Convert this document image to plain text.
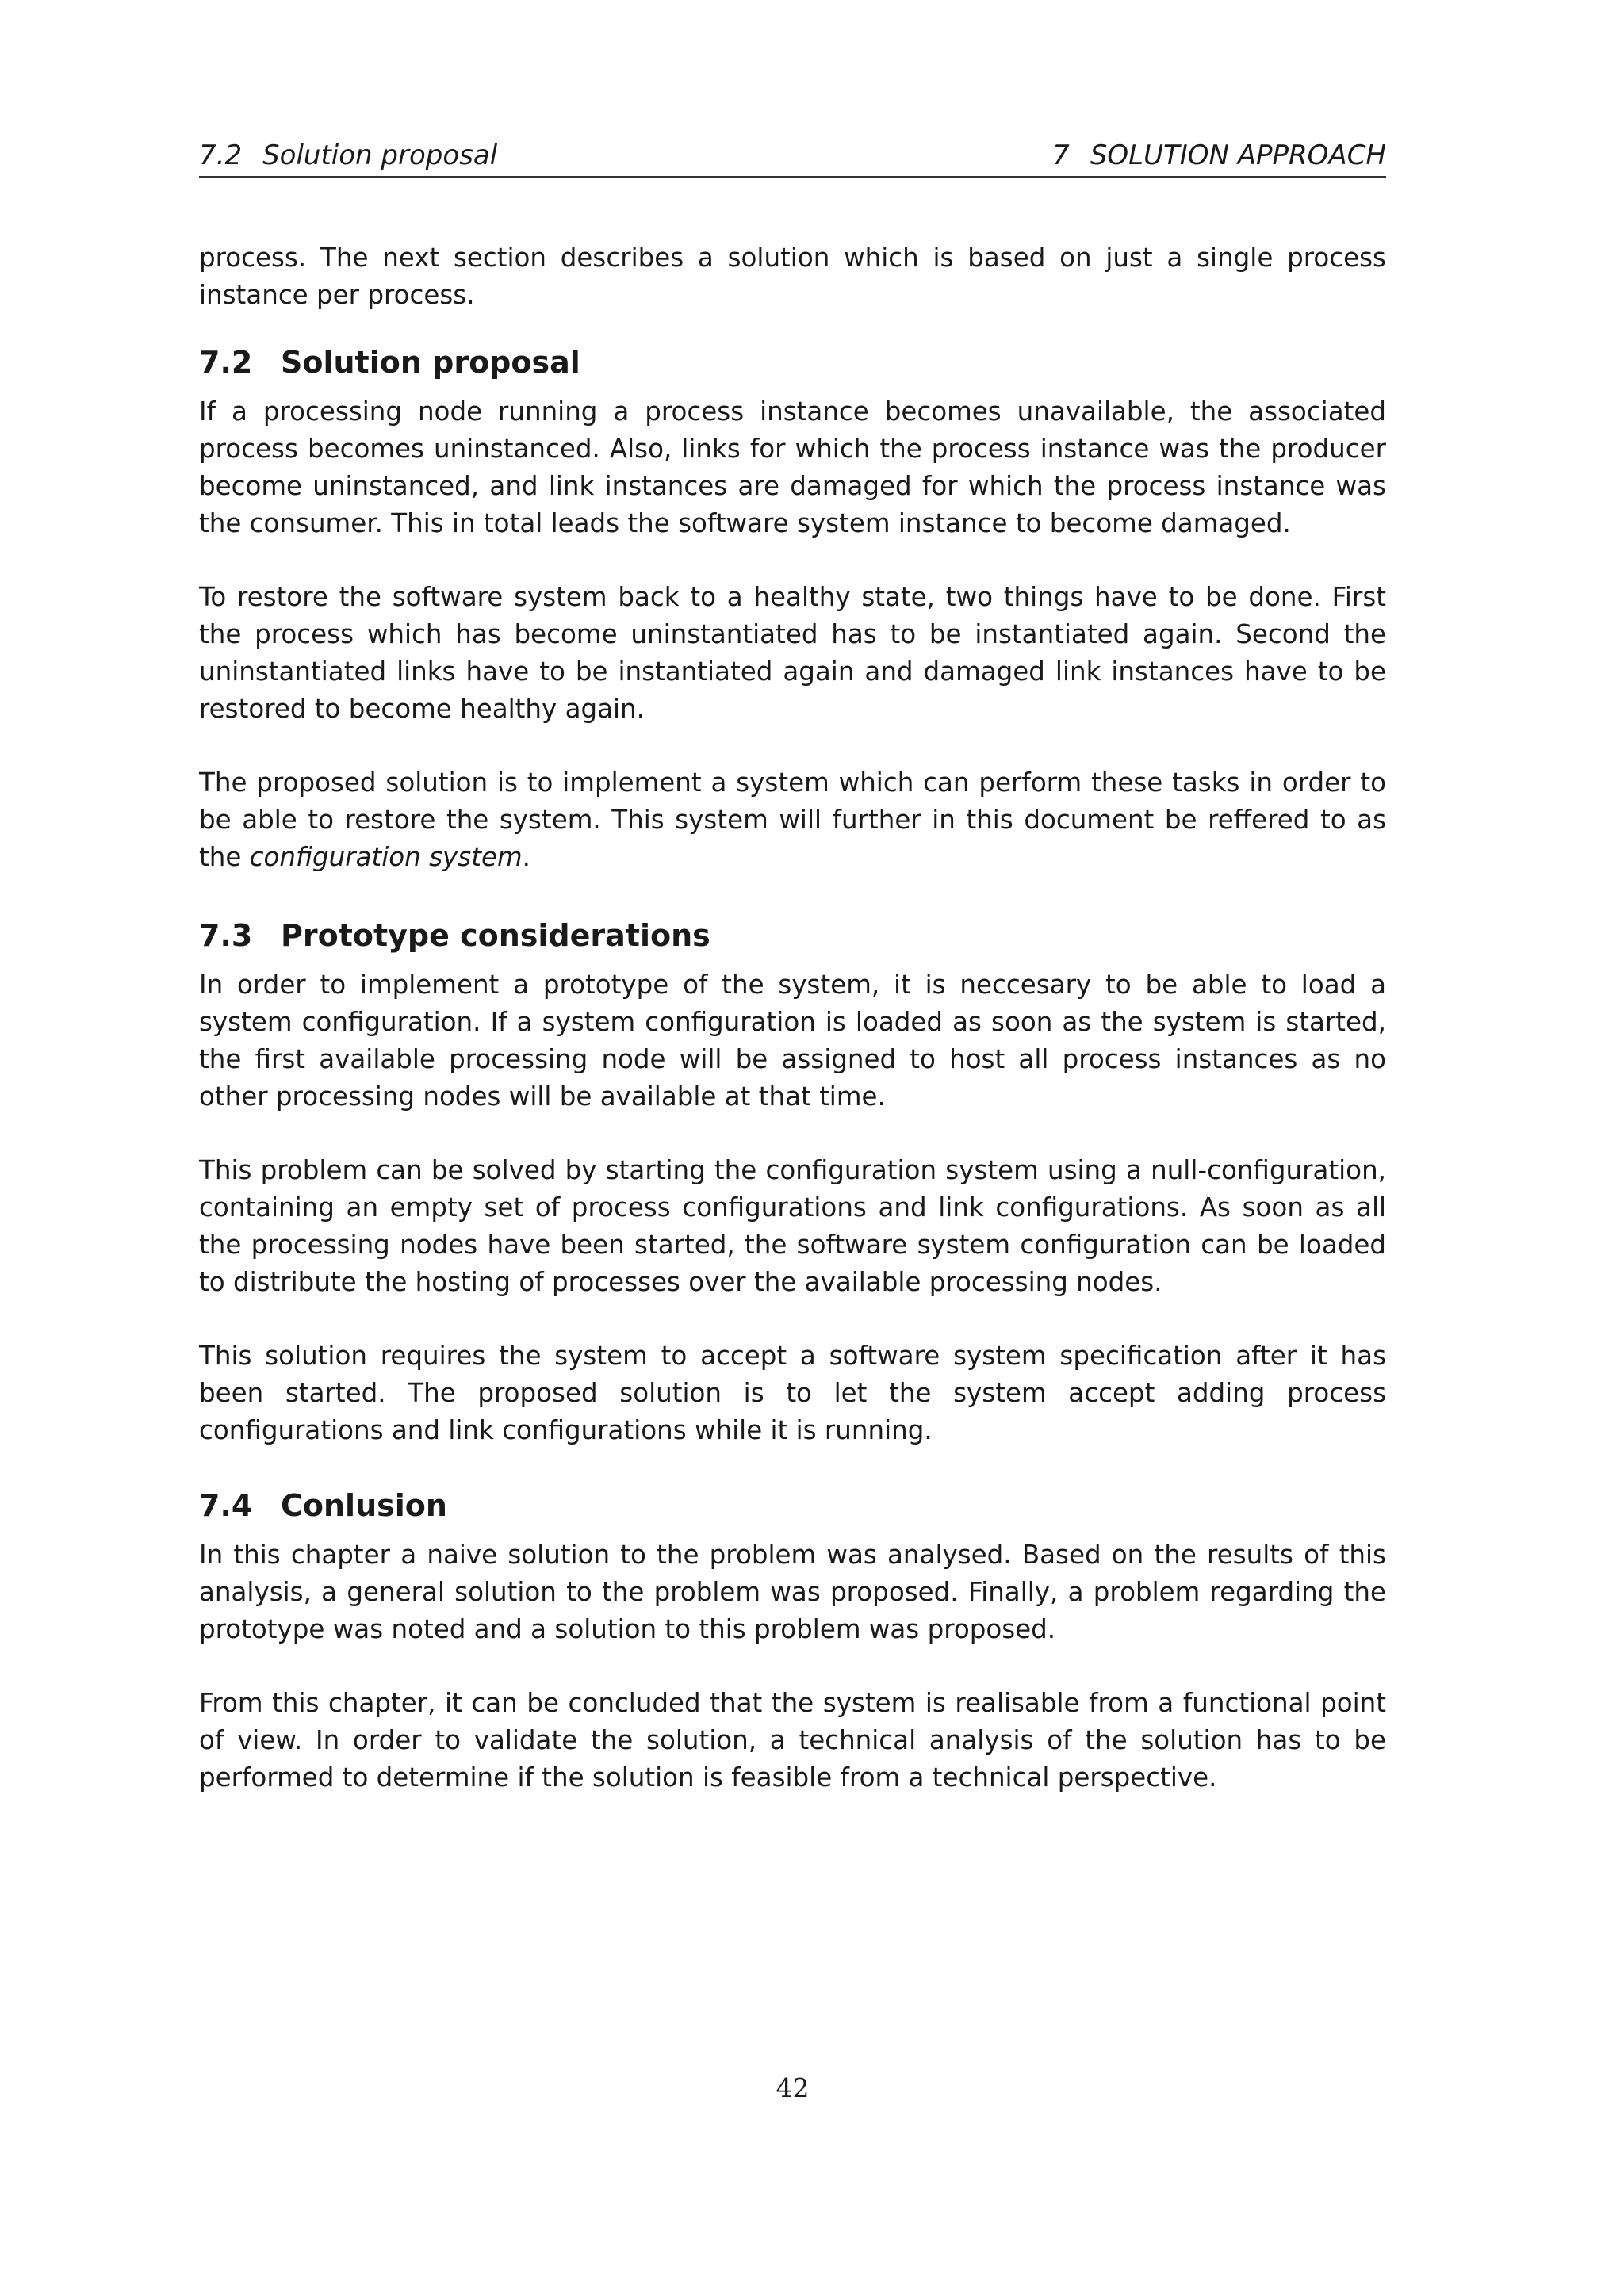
7.2 Solution proposal	7 SOLUTION APPROACH

process. The next section describes a solution which is based on just a single process instance per process.

7.2 Solution proposal

If a processing node running a process instance becomes unavailable, the associated process becomes uninstanced. Also, links for which the process instance was the producer become uninstanced, and link instances are damaged for which the process instance was the consumer. This in total leads the software system instance to become damaged.

To restore the software system back to a healthy state, two things have to be done. First the process which has become uninstantiated has to be instantiated again. Second the uninstantiated links have to be instantiated again and damaged link instances have to be restored to become healthy again.

The proposed solution is to implement a system which can perform these tasks in order to be able to restore the system. This system will further in this document be reffered to as the configuration system.

7.3 Prototype considerations

In order to implement a prototype of the system, it is neccesary to be able to load a system configuration. If a system configuration is loaded as soon as the system is started, the first available processing node will be assigned to host all process instances as no other processing nodes will be available at that time.

This problem can be solved by starting the configuration system using a null-configuration, containing an empty set of process configurations and link configurations. As soon as all the processing nodes have been started, the software system configuration can be loaded to distribute the hosting of processes over the available processing nodes.

This solution requires the system to accept a software system specification after it has been started. The proposed solution is to let the system accept adding process configurations and link configurations while it is running.

7.4 Conlusion

In this chapter a naive solution to the problem was analysed. Based on the results of this analysis, a general solution to the problem was proposed. Finally, a problem regarding the prototype was noted and a solution to this problem was proposed.

From this chapter, it can be concluded that the system is realisable from a functional point of view. In order to validate the solution, a technical analysis of the solution has to be performed to determine if the solution is feasible from a technical perspective.

42
